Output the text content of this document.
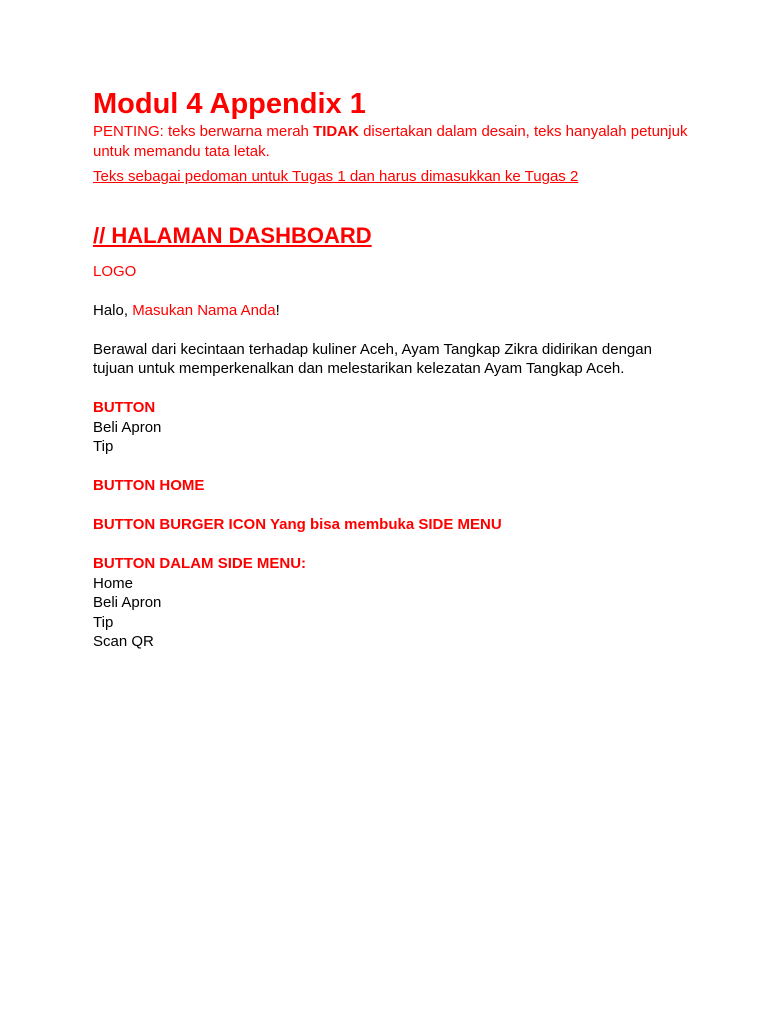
Modul 4 Appendix 1

PENTING: teks berwarna merah TIDAK disertakan dalam desain, teks hanyalah petunjuk untuk memandu tata letak.

Teks sebagai pedoman untuk Tugas 1 dan harus dimasukkan ke Tugas 2

// HALAMAN DASHBOARD

LOGO

Halo, Masukan Nama Anda!

Berawal dari kecintaan terhadap kuliner Aceh, Ayam Tangkap Zikra didirikan dengan tujuan untuk memperkenalkan dan melestarikan kelezatan Ayam Tangkap Aceh.

BUTTON

Beli Apron

Tip

BUTTON HOME

BUTTON BURGER ICON Yang bisa membuka SIDE MENU

BUTTON DALAM SIDE MENU:

Home

Beli Apron

Tip

Scan QR
